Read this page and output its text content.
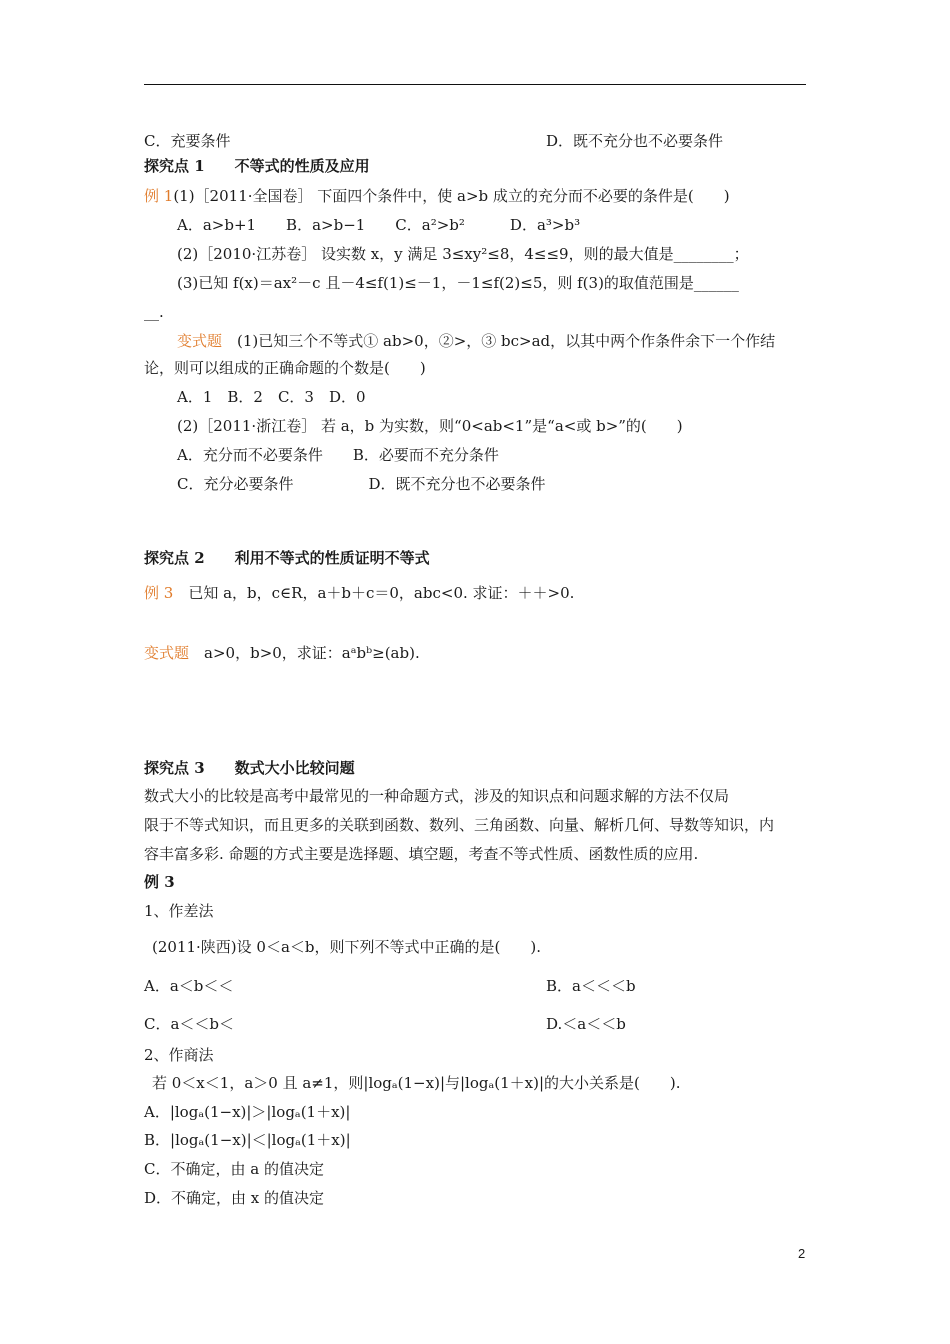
C．充要条件	D．既不充分也不必要条件
探究点 1　　不等式的性质及应用
例 1(1)［2011·全国卷］ 下面四个条件中，使 a>b 成立的充分而不必要的条件是(　　)
A．a>b+1　　B．a>b−1　　C．a²>b²　　　D．a³>b³
(2)［2010·江苏卷］ 设实数 x，y 满足 3≤xy²≤8，4≤≤9，则的最大值是________；
(3)已知 f(x)＝ax²－c 且－4≤f(1)≤－1，－1≤f(2)≤5，则 f(3)的取值范围是______
__.
变式题　 (1)已知三个不等式① ab>0，②>，③ bc>ad，以其中两个作条件余下一个作结
论，则可以组成的正确命题的个数是(　　)
A．1　B．2　C．3　D．0
(2)［2011·浙江卷］ 若 a，b 为实数，则“0<ab<1”是“a<或 b>”的(　　)
A．充分而不必要条件　　B．必要而不充分条件
C．充分必要条件　　　　　D．既不充分也不必要条件
探究点 2　　利用不等式的性质证明不等式
例 3　 已知 a，b，c∈R，a＋b＋c＝0，abc<0. 求证：＋＋>0.
变式题　 a>0，b>0，求证：aᵃbᵇ≥(ab).
探究点 3　　数式大小比较问题
数式大小的比较是高考中最常见的一种命题方式，涉及的知识点和问题求解的方法不仅局
限于不等式知识，而且更多的关联到函数、数列、三角函数、向量、解析几何、导数等知识，内
容丰富多彩. 命题的方式主要是选择题、填空题，考查不等式性质、函数性质的应用.
例 3
1、作差法
(2011·陕西)设 0＜a＜b，则下列不等式中正确的是(　　).
A．a＜b＜＜	B．a＜＜＜b
C．a＜＜b＜	D.＜a＜＜b
2、作商法
若 0＜x＜1，a＞0 且 a≠1，则|logₐ(1−x)|与|logₐ(1＋x)|的大小关系是(　　).
A．|logₐ(1−x)|＞|logₐ(1＋x)|
B．|logₐ(1−x)|＜|logₐ(1＋x)|
C．不确定，由 a 的值决定
D．不确定，由 x 的值决定
2
